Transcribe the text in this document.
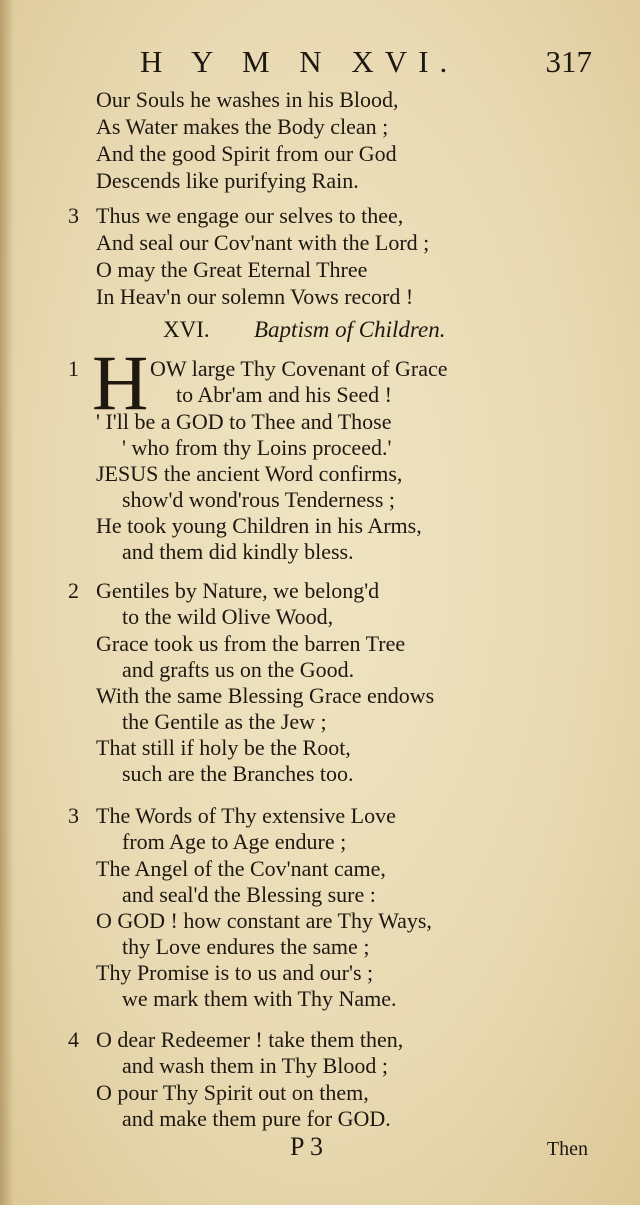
H Y M N XVI.	317
Our Souls he washes in his Blood,
As Water makes the Body clean ;
And the good Spirit from our God
Descends like purifying Rain.
3 Thus we engage our selves to thee,
And seal our Cov'nant with the Lord ;
O may the Great Eternal Three
In Heav'n our solemn Vows record !
XVI. Baptism of Children.
1	OW large Thy Covenant of Grace
to Abr'am and his Seed !
' I'll be a GOD to Thee and Those
' who from thy Loins proceed.'
JESUS the ancient Word confirms,
show'd wond'rous Tenderness ;
He took young Children in his Arms,
and them did kindly bless.
H
2 Gentiles by Nature, we belong'd
to the wild Olive Wood,
Grace took us from the barren Tree
and grafts us on the Good.
With the same Blessing Grace endows
the Gentile as the Jew ;
That still if holy be the Root,
such are the Branches too.
3 The Words of Thy extensive Love
from Age to Age endure ;
The Angel of the Cov'nant came,
and seal'd the Blessing sure :
O GOD ! how constant are Thy Ways,
thy Love endures the same ;
Thy Promise is to us and our's ;
we mark them with Thy Name.
4 O dear Redeemer ! take them then,
and wash them in Thy Blood ;
O pour Thy Spirit out on them,
and make them pure for GOD.
P 3	Then
